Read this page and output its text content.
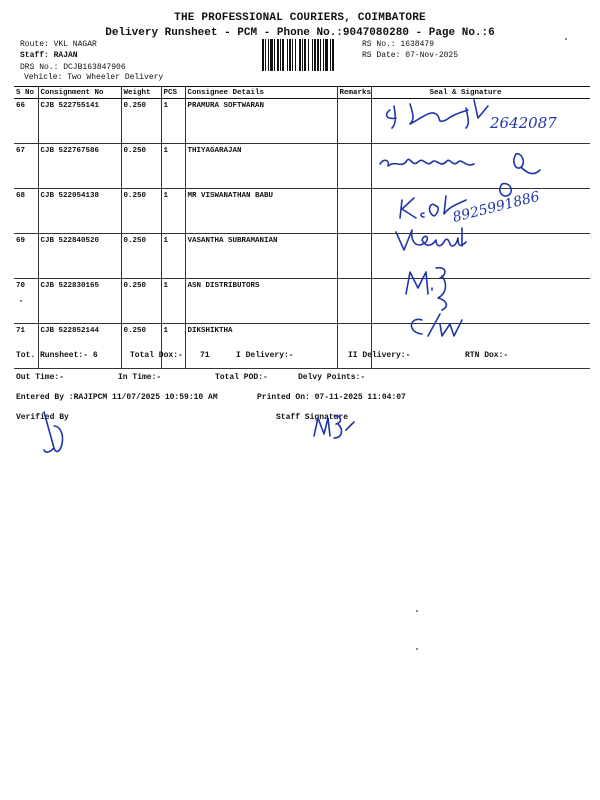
THE PROFESSIONAL COURIERS, COIMBATORE
Delivery Runsheet - PCM - Phone No.:9047080280 - Page No.:6
Route: VKL NAGAR
Staff: RAJAN
DRS No.: DCJB163847906
Vehicle: Two Wheeler Delivery
RS No.: 1638479
RS Date: 07-Nov-2025
S No	Consignment No	Weight	PCS	Consignee Details	Remarks	Seal & Signature
66	CJB 522755141	0.250	1	PRAMURA SOFTWARAN		
67	CJB 522767586	0.250	1	THIYAGARAJAN		
68	CJB 522054138	0.250	1	MR VISWANATHAN BABU		
69	CJB 522840520	0.250	1	VASANTHA SUBRAMANIAN		
70	CJB 522830165	0.250	1	ASN DISTRIBUTORS		
71	CJB 522852144	0.250	1	DIKSHIKTHA		
Tot. Runsheet:- 6	Total Dox:- 71	I Delivery:-	II Delivery:-	RTN Dox:-
Out Time:-	In Time:-	Total POD:-	Delvy Points:-
Entered By :RAJIPCM 11/07/2025 10:59:10 AM	Printed On: 07-11-2025 11:04:07
Verified By	Staff Signature
2642087
8925991886
